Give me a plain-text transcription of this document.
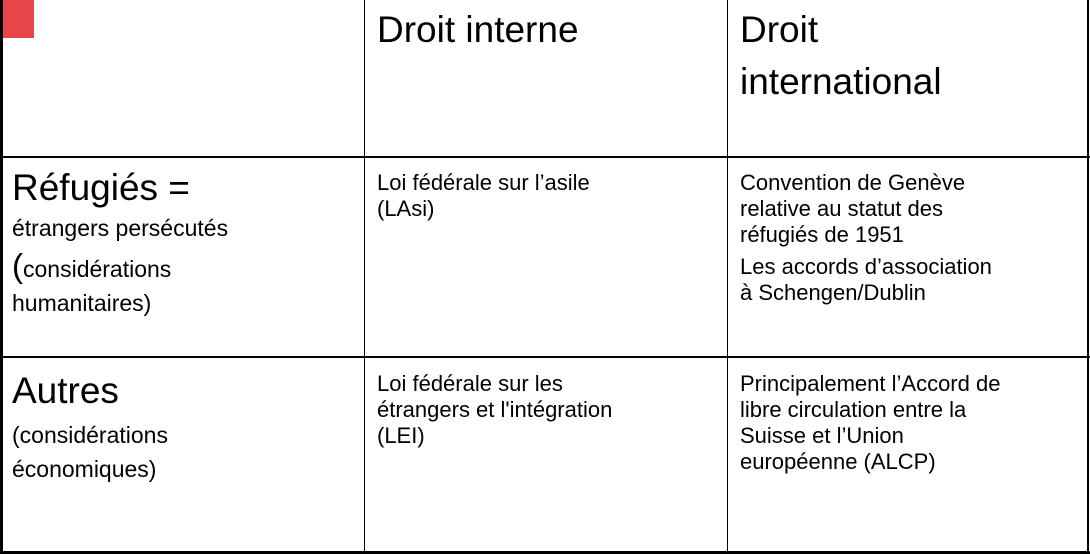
Droit interne	Droit
international
Réfugiés =
étrangers persécutés
(considérations
humanitaires)
Loi fédérale sur l’asile
(LAsi)
Convention de Genève
relative au statut des
réfugiés de 1951
Les accords d’association
à Schengen/Dublin
Autres
(considérations
économiques)
Loi fédérale sur les
étrangers et l'intégration
(LEI)
Principalement l’Accord de
libre circulation entre la
Suisse et l’Union
européenne (ALCP)
